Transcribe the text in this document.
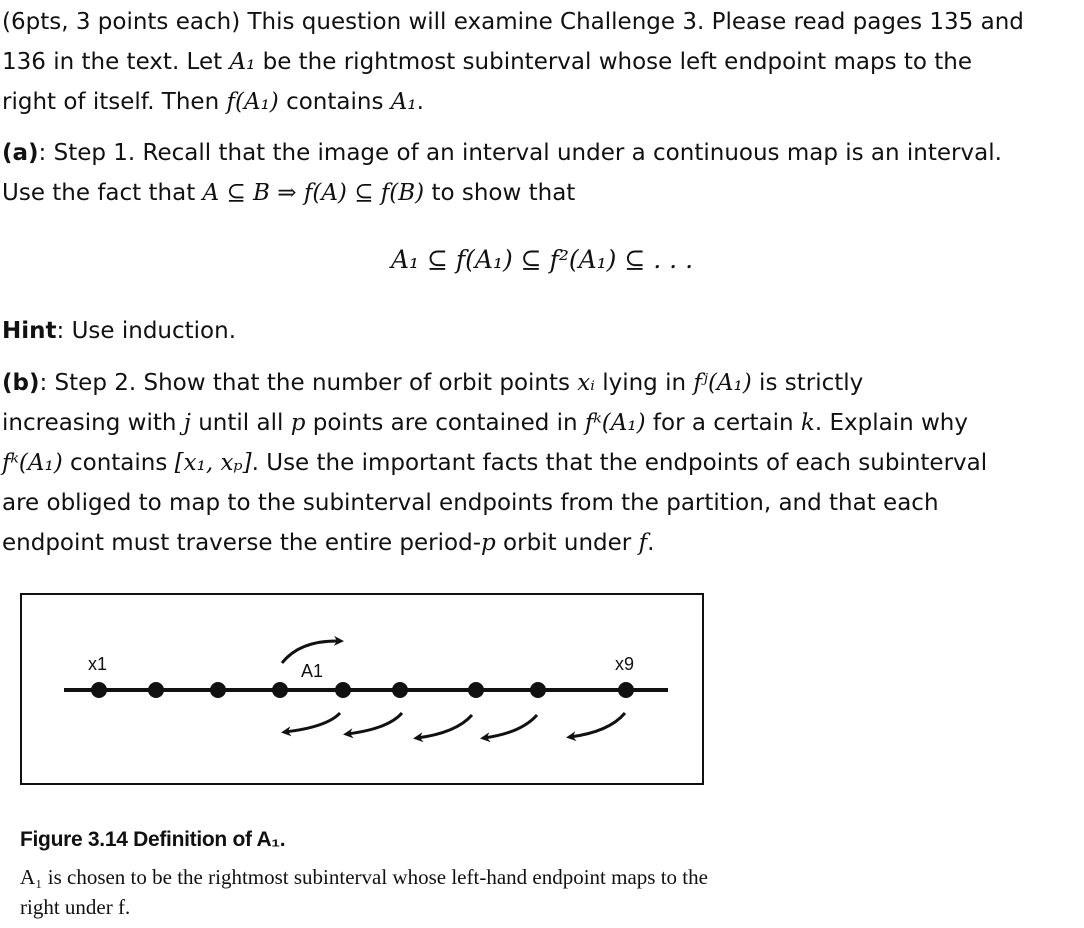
(6pts, 3 points each) This question will examine Challenge 3. Please read pages 135 and
136 in the text. Let A₁ be the rightmost subinterval whose left endpoint maps to the
right of itself. Then f(A₁) contains A₁.

(a): Step 1. Recall that the image of an interval under a continuous map is an interval.
Use the fact that A ⊆ B ⇒ f(A) ⊆ f(B) to show that

A₁ ⊆ f(A₁) ⊆ f²(A₁) ⊆ . . .

Hint: Use induction.

(b): Step 2. Show that the number of orbit points xᵢ lying in fʲ(A₁) is strictly
increasing with j until all p points are contained in fᵏ(A₁) for a certain k. Explain why
fᵏ(A₁) contains [x₁, xₚ]. Use the important facts that the endpoints of each subinterval
are obliged to map to the subinterval endpoints from the partition, and that each
endpoint must traverse the entire period-p orbit under f.

x1	x9
A1
Figure 3.14 Definition of A₁.
A₁ is chosen to be the rightmost subinterval whose left-hand endpoint maps to the
right under f.
